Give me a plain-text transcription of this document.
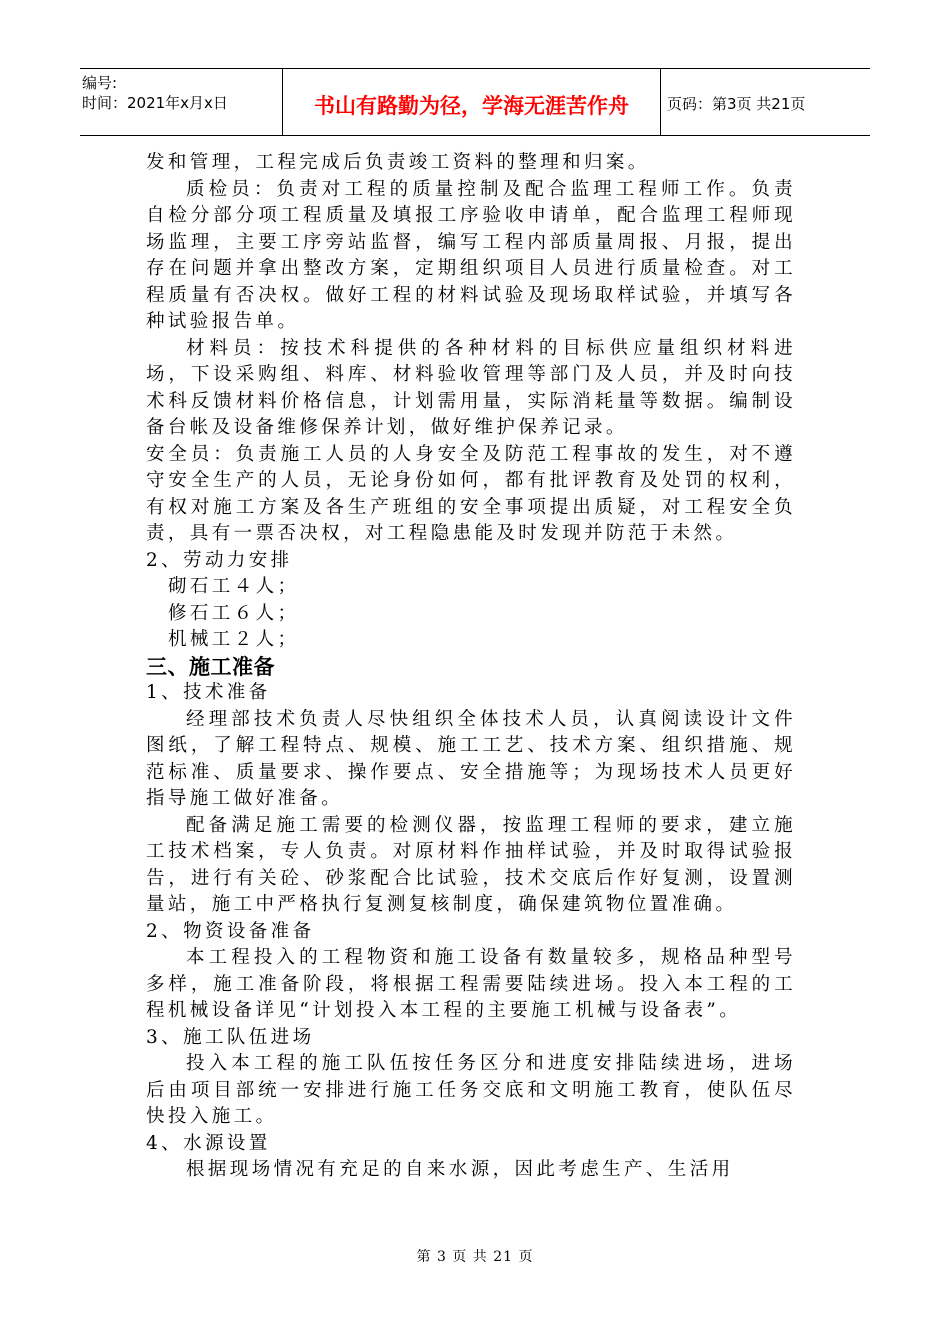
编号:
时间：2021年x月x日	书山有路勤为径，学海无涯苦作舟	页码：第3页 共21页

发和管理，工程完成后负责竣工资料的整理和归案。

质检员：负责对工程的质量控制及配合监理工程师工作。负责自检分部分项工程质量及填报工序验收申请单，配合监理工程师现场监理，主要工序旁站监督，编写工程内部质量周报、月报，提出存在问题并拿出整改方案，定期组织项目人员进行质量检查。对工程质量有否决权。做好工程的材料试验及现场取样试验，并填写各种试验报告单。

材料员：按技术科提供的各种材料的目标供应量组织材料进场，下设采购组、料库、材料验收管理等部门及人员，并及时向技术科反馈材料价格信息，计划需用量，实际消耗量等数据。编制设备台帐及设备维修保养计划，做好维护保养记录。

安全员：负责施工人员的人身安全及防范工程事故的发生，对不遵守安全生产的人员，无论身份如何，都有批评教育及处罚的权利，有权对施工方案及各生产班组的安全事项提出质疑，对工程安全负责，具有一票否决权，对工程隐患能及时发现并防范于未然。

2、劳动力安排

砌石工４人；

修石工６人；

机械工２人；

三、施工准备

1、技术准备

经理部技术负责人尽快组织全体技术人员，认真阅读设计文件图纸，了解工程特点、规模、施工工艺、技术方案、组织措施、规范标准、质量要求、操作要点、安全措施等；为现场技术人员更好指导施工做好准备。

配备满足施工需要的检测仪器，按监理工程师的要求，建立施工技术档案，专人负责。对原材料作抽样试验，并及时取得试验报告，进行有关砼、砂浆配合比试验，技术交底后作好复测，设置测量站，施工中严格执行复测复核制度，确保建筑物位置准确。

2、物资设备准备

本工程投入的工程物资和施工设备有数量较多，规格品种型号多样，施工准备阶段，将根据工程需要陆续进场。投入本工程的工程机械设备详见“计划投入本工程的主要施工机械与设备表”。

3、施工队伍进场

投入本工程的施工队伍按任务区分和进度安排陆续进场，进场后由项目部统一安排进行施工任务交底和文明施工教育，使队伍尽快投入施工。

4、水源设置

根据现场情况有充足的自来水源，因此考虑生产、生活用

第 3 页 共 21 页
